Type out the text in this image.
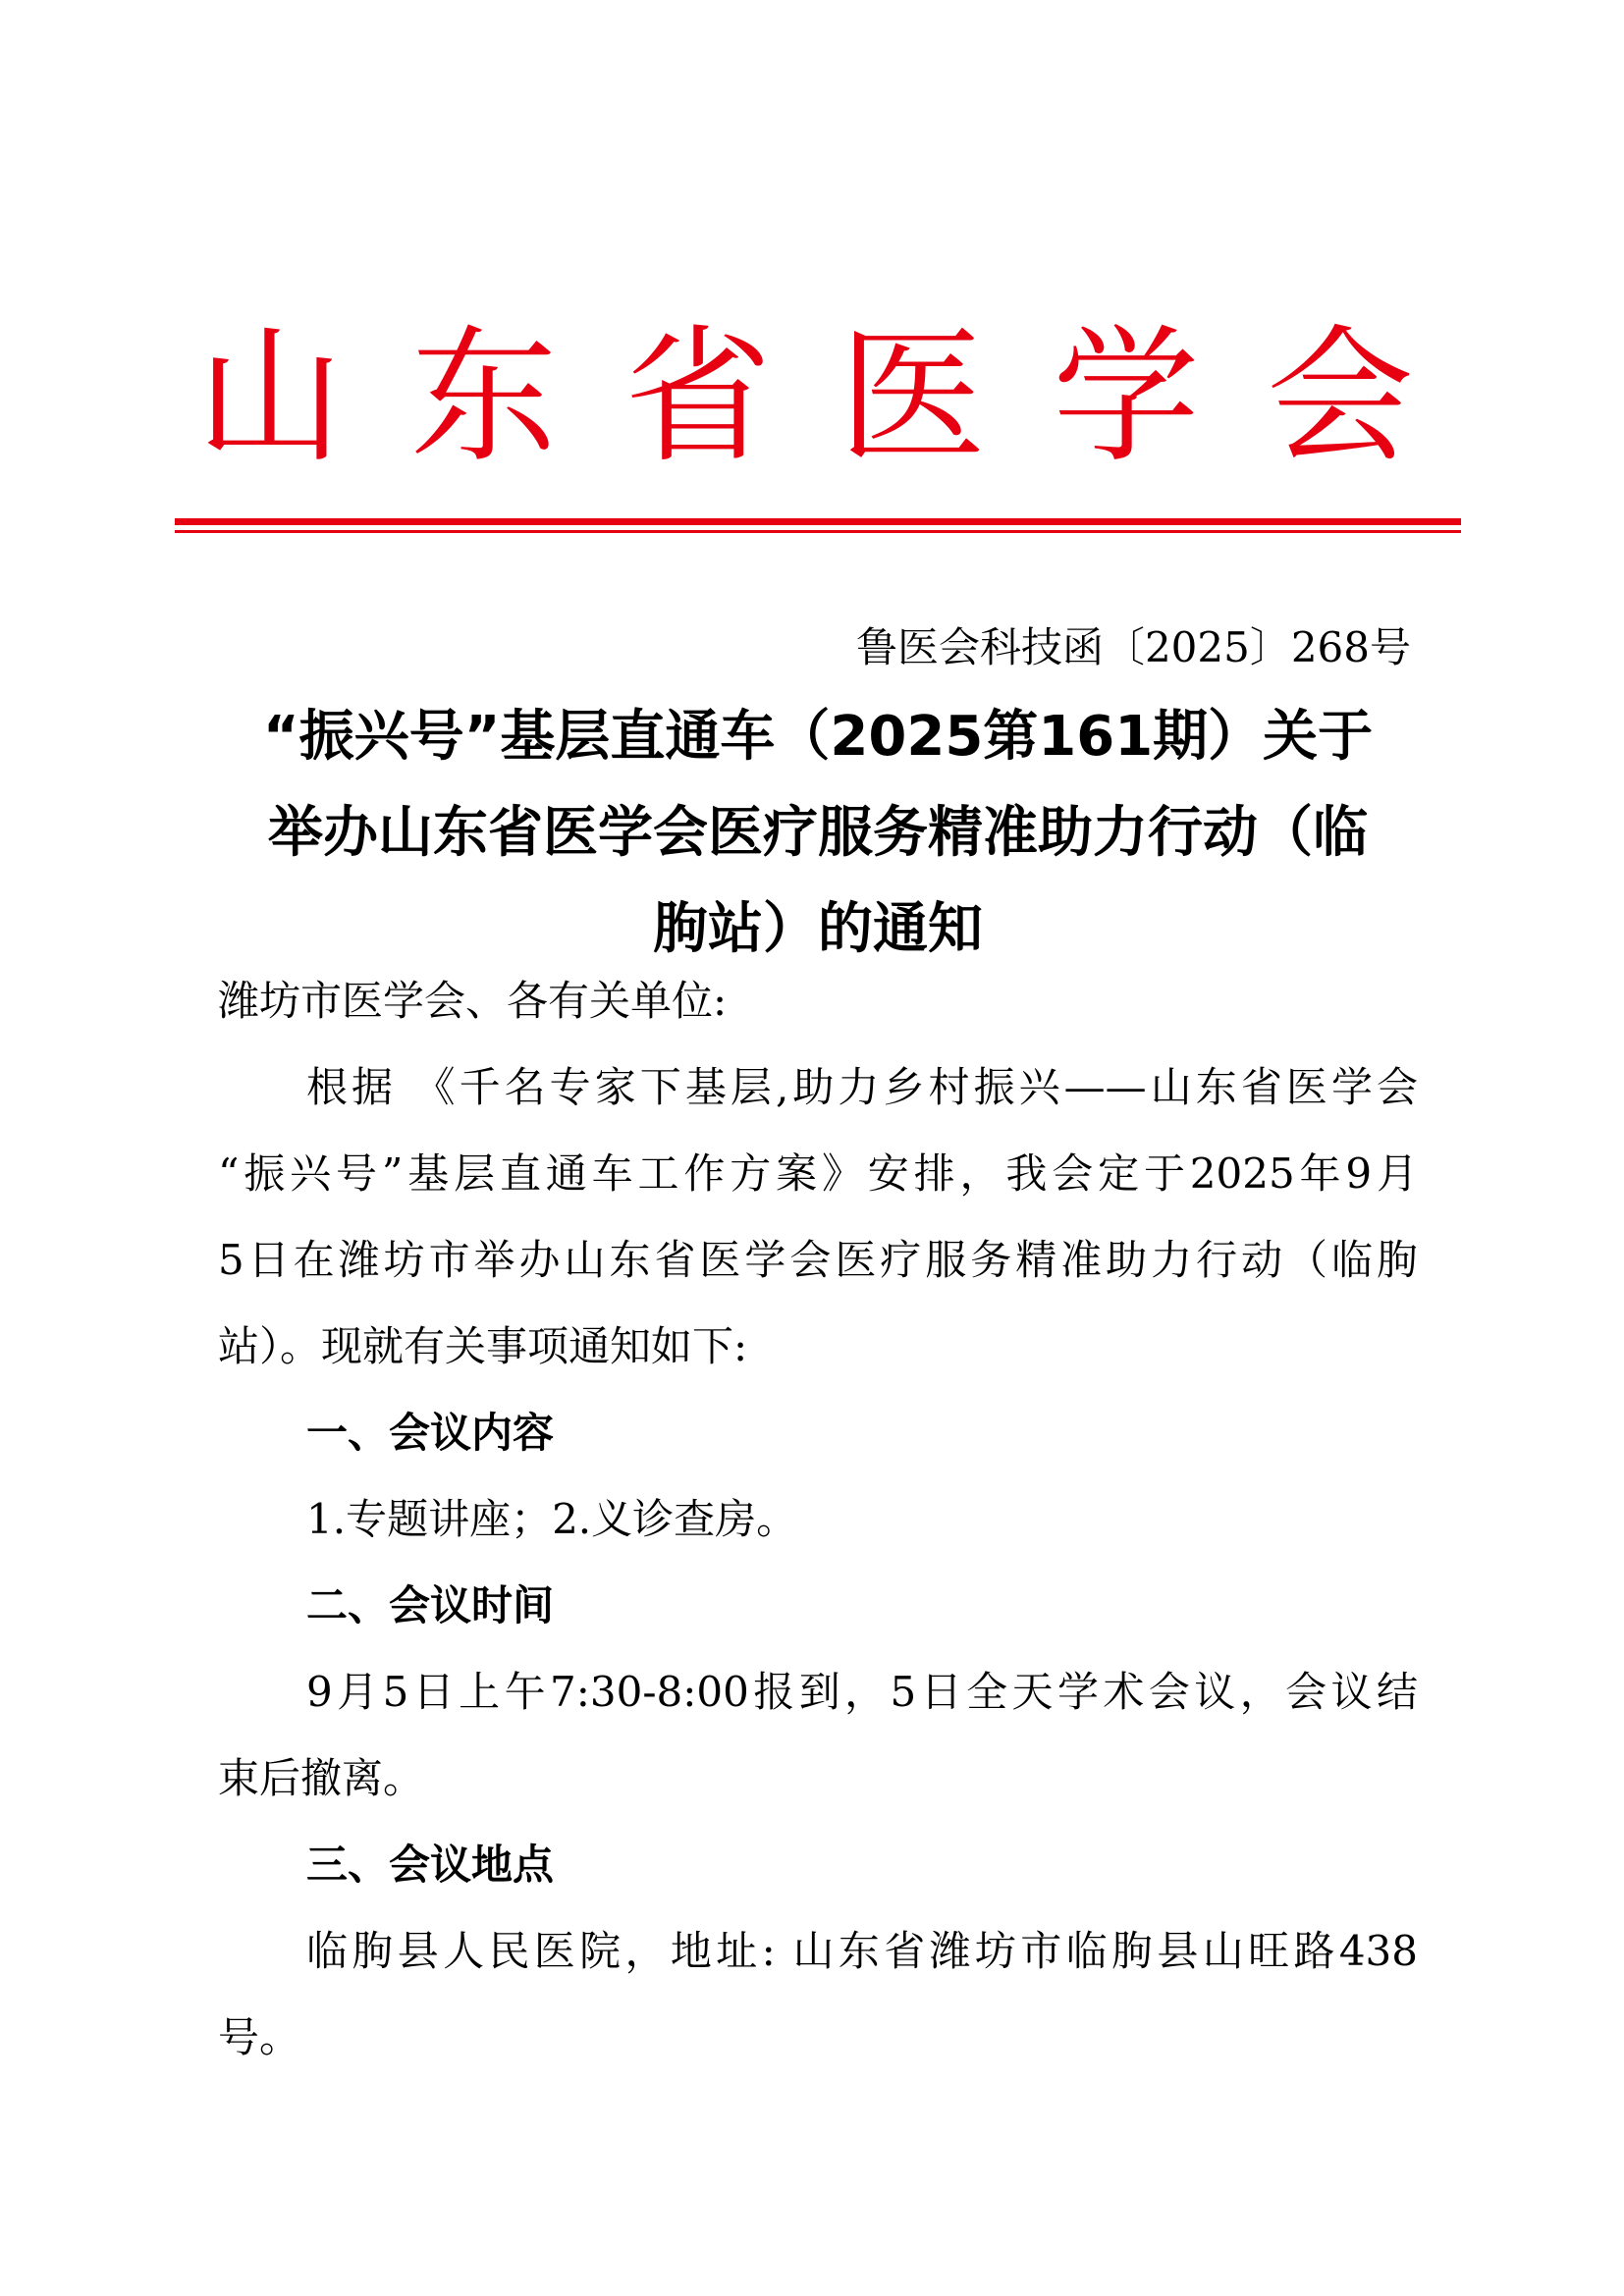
山 东 省 医 学 会
鲁医会科技函〔2025〕268号
“振兴号”基层直通车（2025第161期）关于
举办山东省医学会医疗服务精准助力行动（临
朐站）的通知
潍坊市医学会、各有关单位:
根据 《千名专家下基层,助力乡村振兴——山东省医学会
“振兴号”基层直通车工作方案》安排，我会定于2025年9月
5日在潍坊市举办山东省医学会医疗服务精准助力行动（临朐
站）。现就有关事项通知如下:
一、会议内容
1.专题讲座；2.义诊查房。
二、会议时间
9月5日上午7:30-8:00报到，5日全天学术会议，会议结
束后撤离。
三、会议地点
临朐县人民医院，地址: 山东省潍坊市临朐县山旺路438
号。
